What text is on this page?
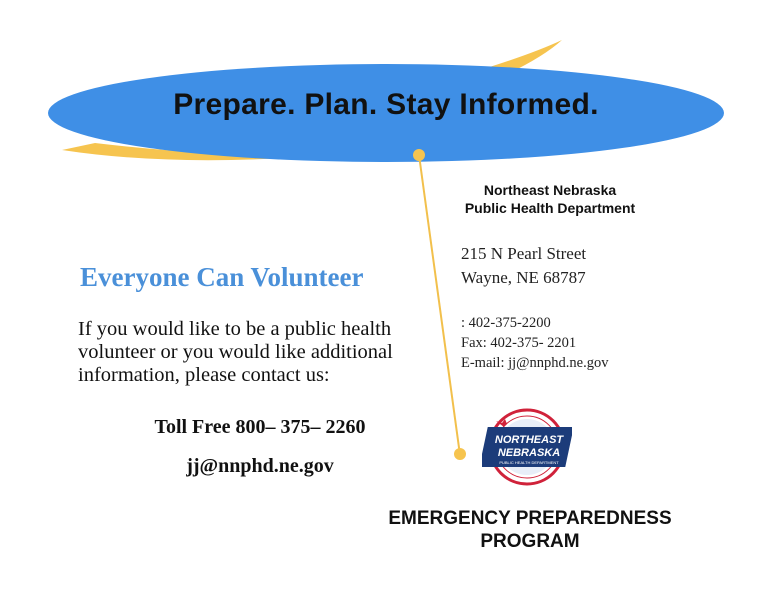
Prepare. Plan. Stay Informed.
Northeast Nebraska
Public Health Department
215 N Pearl Street
Wayne, NE 68787
: 402-375-2200
Fax: 402-375- 2201
E-mail: jj@nnphd.ne.gov
Everyone Can Volunteer
If you would like to be a public health
volunteer or you would like additional
information, please contact us:
Toll Free 800– 375– 2260
jj@nnphd.ne.gov
NORTHEAST
NEBRASKA
PUBLIC HEALTH DEPARTMENT
EMERGENCY PREPAREDNESS
PROGRAM
